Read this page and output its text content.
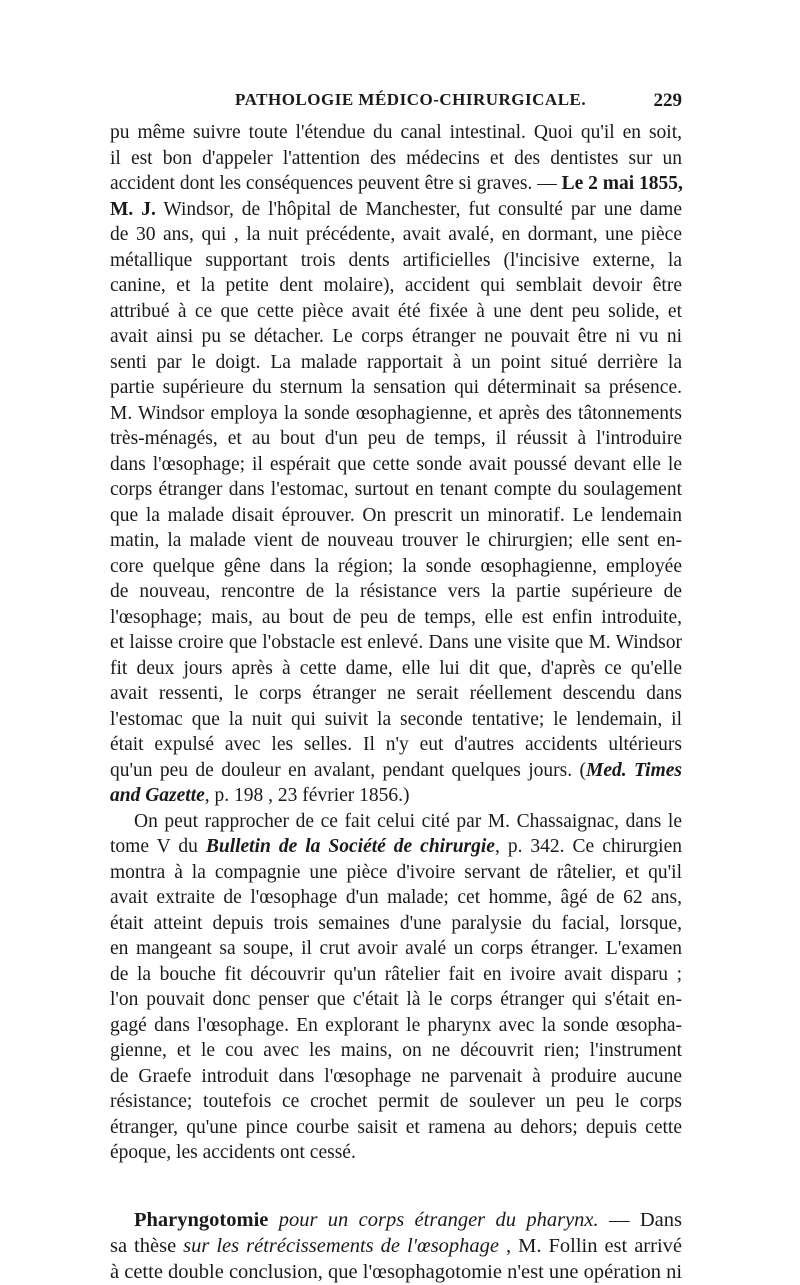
PATHOLOGIE MÉDICO-CHIRURGICALE.	229
pu même suivre toute l'étendue du canal intestinal. Quoi qu'il en soit,
il est bon d'appeler l'attention des médecins et des dentistes sur un
accident dont les conséquences peuvent être si graves. — Le 2 mai 1855,
M. J. Windsor, de l'hôpital de Manchester, fut consulté par une dame
de 30 ans, qui , la nuit précédente, avait avalé, en dormant, une pièce
métallique supportant trois dents artificielles (l'incisive externe, la
canine, et la petite dent molaire), accident qui semblait devoir être
attribué à ce que cette pièce avait été fixée à une dent peu solide, et
avait ainsi pu se détacher. Le corps étranger ne pouvait être ni vu ni
senti par le doigt. La malade rapportait à un point situé derrière la
partie supérieure du sternum la sensation qui déterminait sa présence.
M. Windsor employa la sonde œsophagienne, et après des tâtonnements
très-ménagés, et au bout d'un peu de temps, il réussit à l'introduire
dans l'œsophage; il espérait que cette sonde avait poussé devant elle le
corps étranger dans l'estomac, surtout en tenant compte du soulagement
que la malade disait éprouver. On prescrit un minoratif. Le lendemain
matin, la malade vient de nouveau trouver le chirurgien; elle sent en-
core quelque gêne dans la région; la sonde œsophagienne, employée
de nouveau, rencontre de la résistance vers la partie supérieure de
l'œsophage; mais, au bout de peu de temps, elle est enfin introduite,
et laisse croire que l'obstacle est enlevé. Dans une visite que M. Windsor
fit deux jours après à cette dame, elle lui dit que, d'après ce qu'elle
avait ressenti, le corps étranger ne serait réellement descendu dans
l'estomac que la nuit qui suivit la seconde tentative; le lendemain, il
était expulsé avec les selles. Il n'y eut d'autres accidents ultérieurs
qu'un peu de douleur en avalant, pendant quelques jours. (Med. Times
and Gazette, p. 198 , 23 février 1856.)
On peut rapprocher de ce fait celui cité par M. Chassaignac, dans le
tome V du Bulletin de la Société de chirurgie, p. 342. Ce chirurgien
montra à la compagnie une pièce d'ivoire servant de râtelier, et qu'il
avait extraite de l'œsophage d'un malade; cet homme, âgé de 62 ans,
était atteint depuis trois semaines d'une paralysie du facial, lorsque,
en mangeant sa soupe, il crut avoir avalé un corps étranger. L'examen
de la bouche fit découvrir qu'un râtelier fait en ivoire avait disparu ;
l'on pouvait donc penser que c'était là le corps étranger qui s'était en-
gagé dans l'œsophage. En explorant le pharynx avec la sonde œsopha-
gienne, et le cou avec les mains, on ne découvrit rien; l'instrument
de Graefe introduit dans l'œsophage ne parvenait à produire aucune
résistance; toutefois ce crochet permit de soulever un peu le corps
étranger, qu'une pince courbe saisit et ramena au dehors; depuis cette
époque, les accidents ont cessé.
Pharyngotomie pour un corps étranger du pharynx. — Dans
sa thèse sur les rétrécissements de l'œsophage , M. Follin est arrivé
à cette double conclusion, que l'œsophagotomie n'est une opération ni
